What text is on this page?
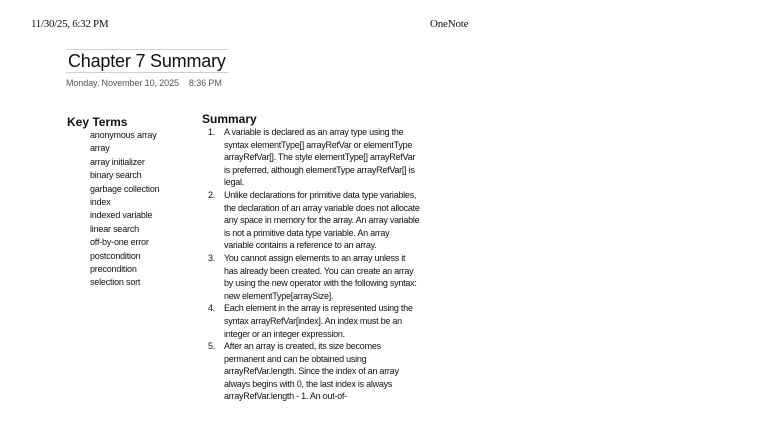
11/30/25, 6:32 PM	OneNote
Chapter 7 Summary
Monday, November 10, 2025 8:36 PM
Key Terms
anonymous array
array
array initializer
binary search
garbage collection
index
indexed variable
linear search
off-by-one error
postcondition
precondition
selection sort
Summary
1. A variable is declared as an array type using the syntax elementType[] arrayRefVar or elementType arrayRefVar[]. The style elementType[] arrayRefVar is preferred, although elementType arrayRefVar[] is legal.
2. Unlike declarations for primitive data type variables, the declaration of an array variable does not allocate any space in memory for the array. An array variable is not a primitive data type variable. An array variable contains a reference to an array.
3. You cannot assign elements to an array unless it has already been created. You can create an array by using the new operator with the following syntax: new elementType[arraySize].
4. Each element in the array is represented using the syntax arrayRefVar[index]. An index must be an integer or an integer expression.
5. After an array is created, its size becomes permanent and can be obtained using arrayRefVar.length. Since the index of an array always begins with 0, the last index is always arrayRefVar.length - 1. An out-of-
